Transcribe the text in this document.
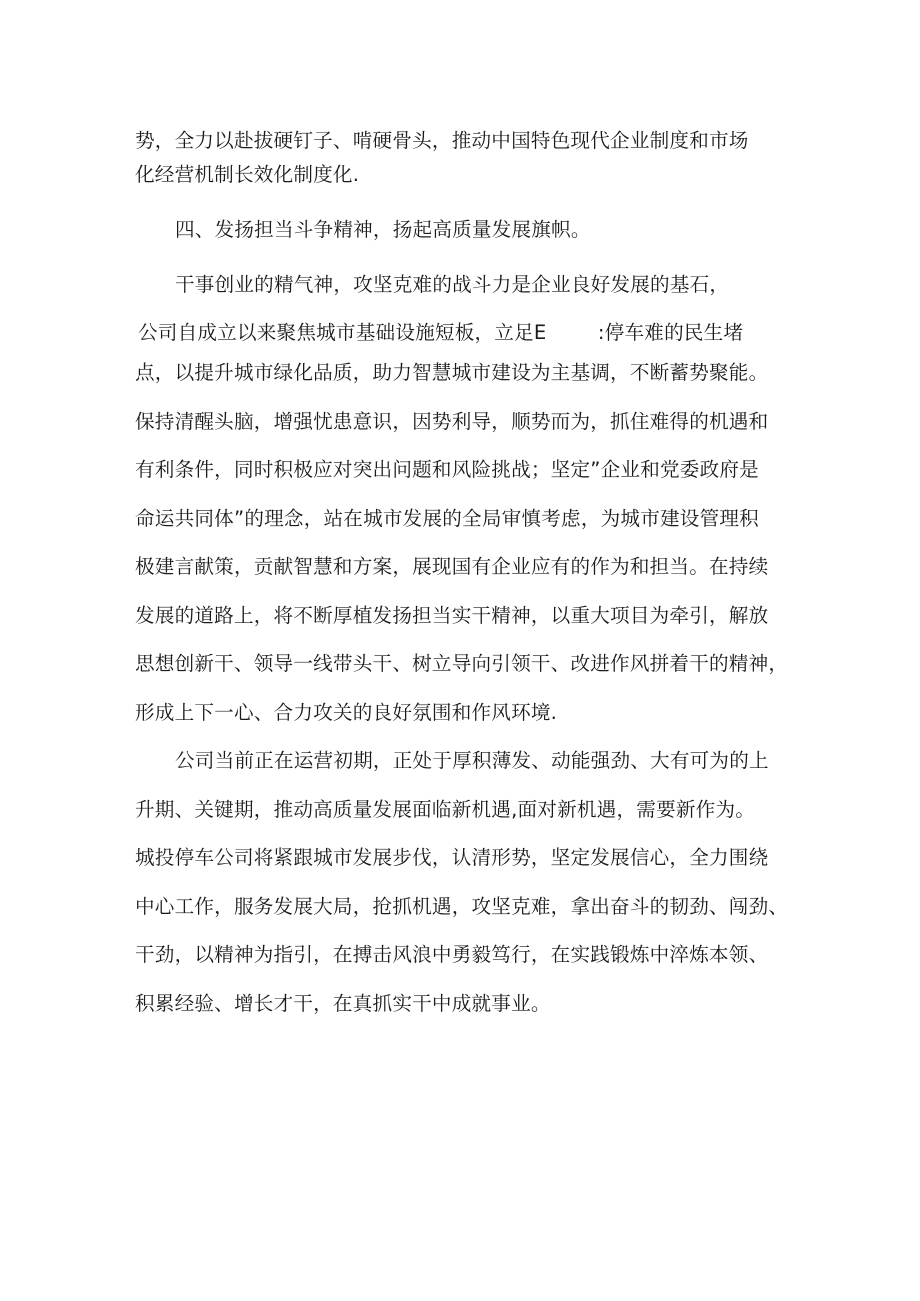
势，全力以赴拔硬钉子、啃硬骨头，推动中国特色现代企业制度和市场
化经营机制长效化制度化.
四、发扬担当斗争精神，扬起高质量发展旗帜。
干事创业的精气神，攻坚克难的战斗力是企业良好发展的基石，
公司自成立以来聚焦城市基础设施短板，立足E        :停车难的民生堵
点，以提升城市绿化品质，助力智慧城市建设为主基调，不断蓄势聚能。
保持清醒头脑，增强忧患意识，因势利导，顺势而为，抓住难得的机遇和
有利条件，同时积极应对突出问题和风险挑战；坚定”企业和党委政府是
命运共同体”的理念，站在城市发展的全局审慎考虑，为城市建设管理积
极建言献策，贡献智慧和方案，展现国有企业应有的作为和担当。在持续
发展的道路上，将不断厚植发扬担当实干精神，以重大项目为牵引，解放
思想创新干、领导一线带头干、树立导向引领干、改进作风拼着干的精神，
形成上下一心、合力攻关的良好氛围和作风环境.
公司当前正在运营初期，正处于厚积薄发、动能强劲、大有可为的上
升期、关键期，推动高质量发展面临新机遇,面对新机遇，需要新作为。
城投停车公司将紧跟城市发展步伐，认清形势，坚定发展信心，全力围绕
中心工作，服务发展大局，抢抓机遇，攻坚克难，拿出奋斗的韧劲、闯劲、
干劲，以精神为指引，在搏击风浪中勇毅笃行，在实践锻炼中淬炼本领、
积累经验、增长才干，在真抓实干中成就事业。
